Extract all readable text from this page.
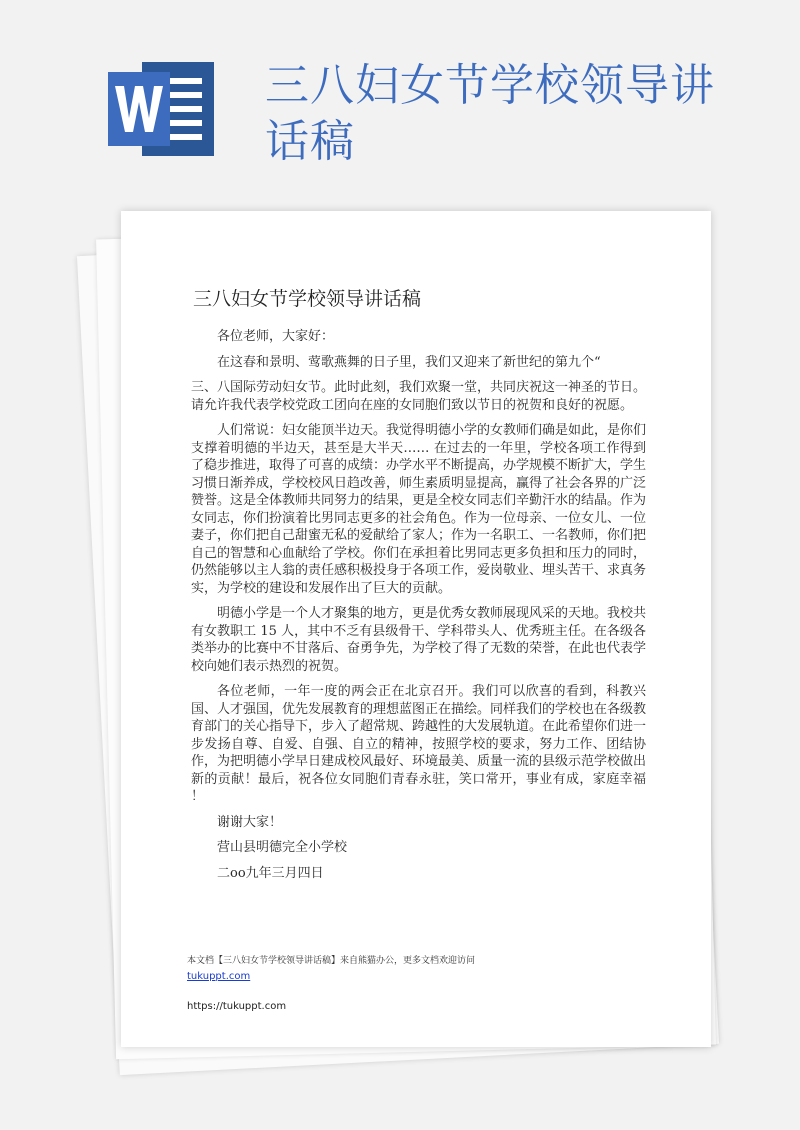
三八妇女节学校领导讲话稿
三八妇女节学校领导讲话稿

各位老师，大家好：

在这春和景明、莺歌燕舞的日子里，我们又迎来了新世纪的第九个“

三、八国际劳动妇女节。此时此刻，我们欢聚一堂，共同庆祝这一神圣的节日。请允许我代表学校党政工团向在座的女同胞们致以节日的祝贺和良好的祝愿。

人们常说：妇女能顶半边天。我觉得明德小学的女教师们确是如此，是你们支撑着明德的半边天，甚至是大半天…… 在过去的一年里，学校各项工作得到了稳步推进，取得了可喜的成绩：办学水平不断提高，办学规模不断扩大，学生习惯日渐养成，学校校风日趋改善，师生素质明显提高，赢得了社会各界的广泛赞誉。这是全体教师共同努力的结果，更是全校女同志们辛勤汗水的结晶。作为女同志，你们扮演着比男同志更多的社会角色。作为一位母亲、一位女儿、一位妻子，你们把自己甜蜜无私的爱献给了家人；作为一名职工、一名教师，你们把自己的智慧和心血献给了学校。你们在承担着比男同志更多负担和压力的同时，仍然能够以主人翁的责任感积极投身于各项工作，爱岗敬业、埋头苦干、求真务实，为学校的建设和发展作出了巨大的贡献。

明德小学是一个人才聚集的地方，更是优秀女教师展现风采的天地。我校共有女教职工 15 人，其中不乏有县级骨干、学科带头人、优秀班主任。在各级各类举办的比赛中不甘落后、奋勇争先，为学校了得了无数的荣誉，在此也代表学校向她们表示热烈的祝贺。

各位老师，一年一度的两会正在北京召开。我们可以欣喜的看到，科教兴国、人才强国，优先发展教育的理想蓝图正在描绘。同样我们的学校也在各级教育部门的关心指导下，步入了超常规、跨越性的大发展轨道。在此希望你们进一步发扬自尊、自爱、自强、自立的精神，按照学校的要求，努力工作、团结协作，为把明德小学早日建成校风最好、环境最美、质量一流的县级示范学校做出新的贡献！最后，祝各位女同胞们青春永驻，笑口常开，事业有成，家庭幸福 ！

谢谢大家！

营山县明德完全小学校

二oo九年三月四日

本文档【三八妇女节学校领导讲话稿】来自熊猫办公，更多文档欢迎访问
tukuppt.com
https://tukuppt.com
